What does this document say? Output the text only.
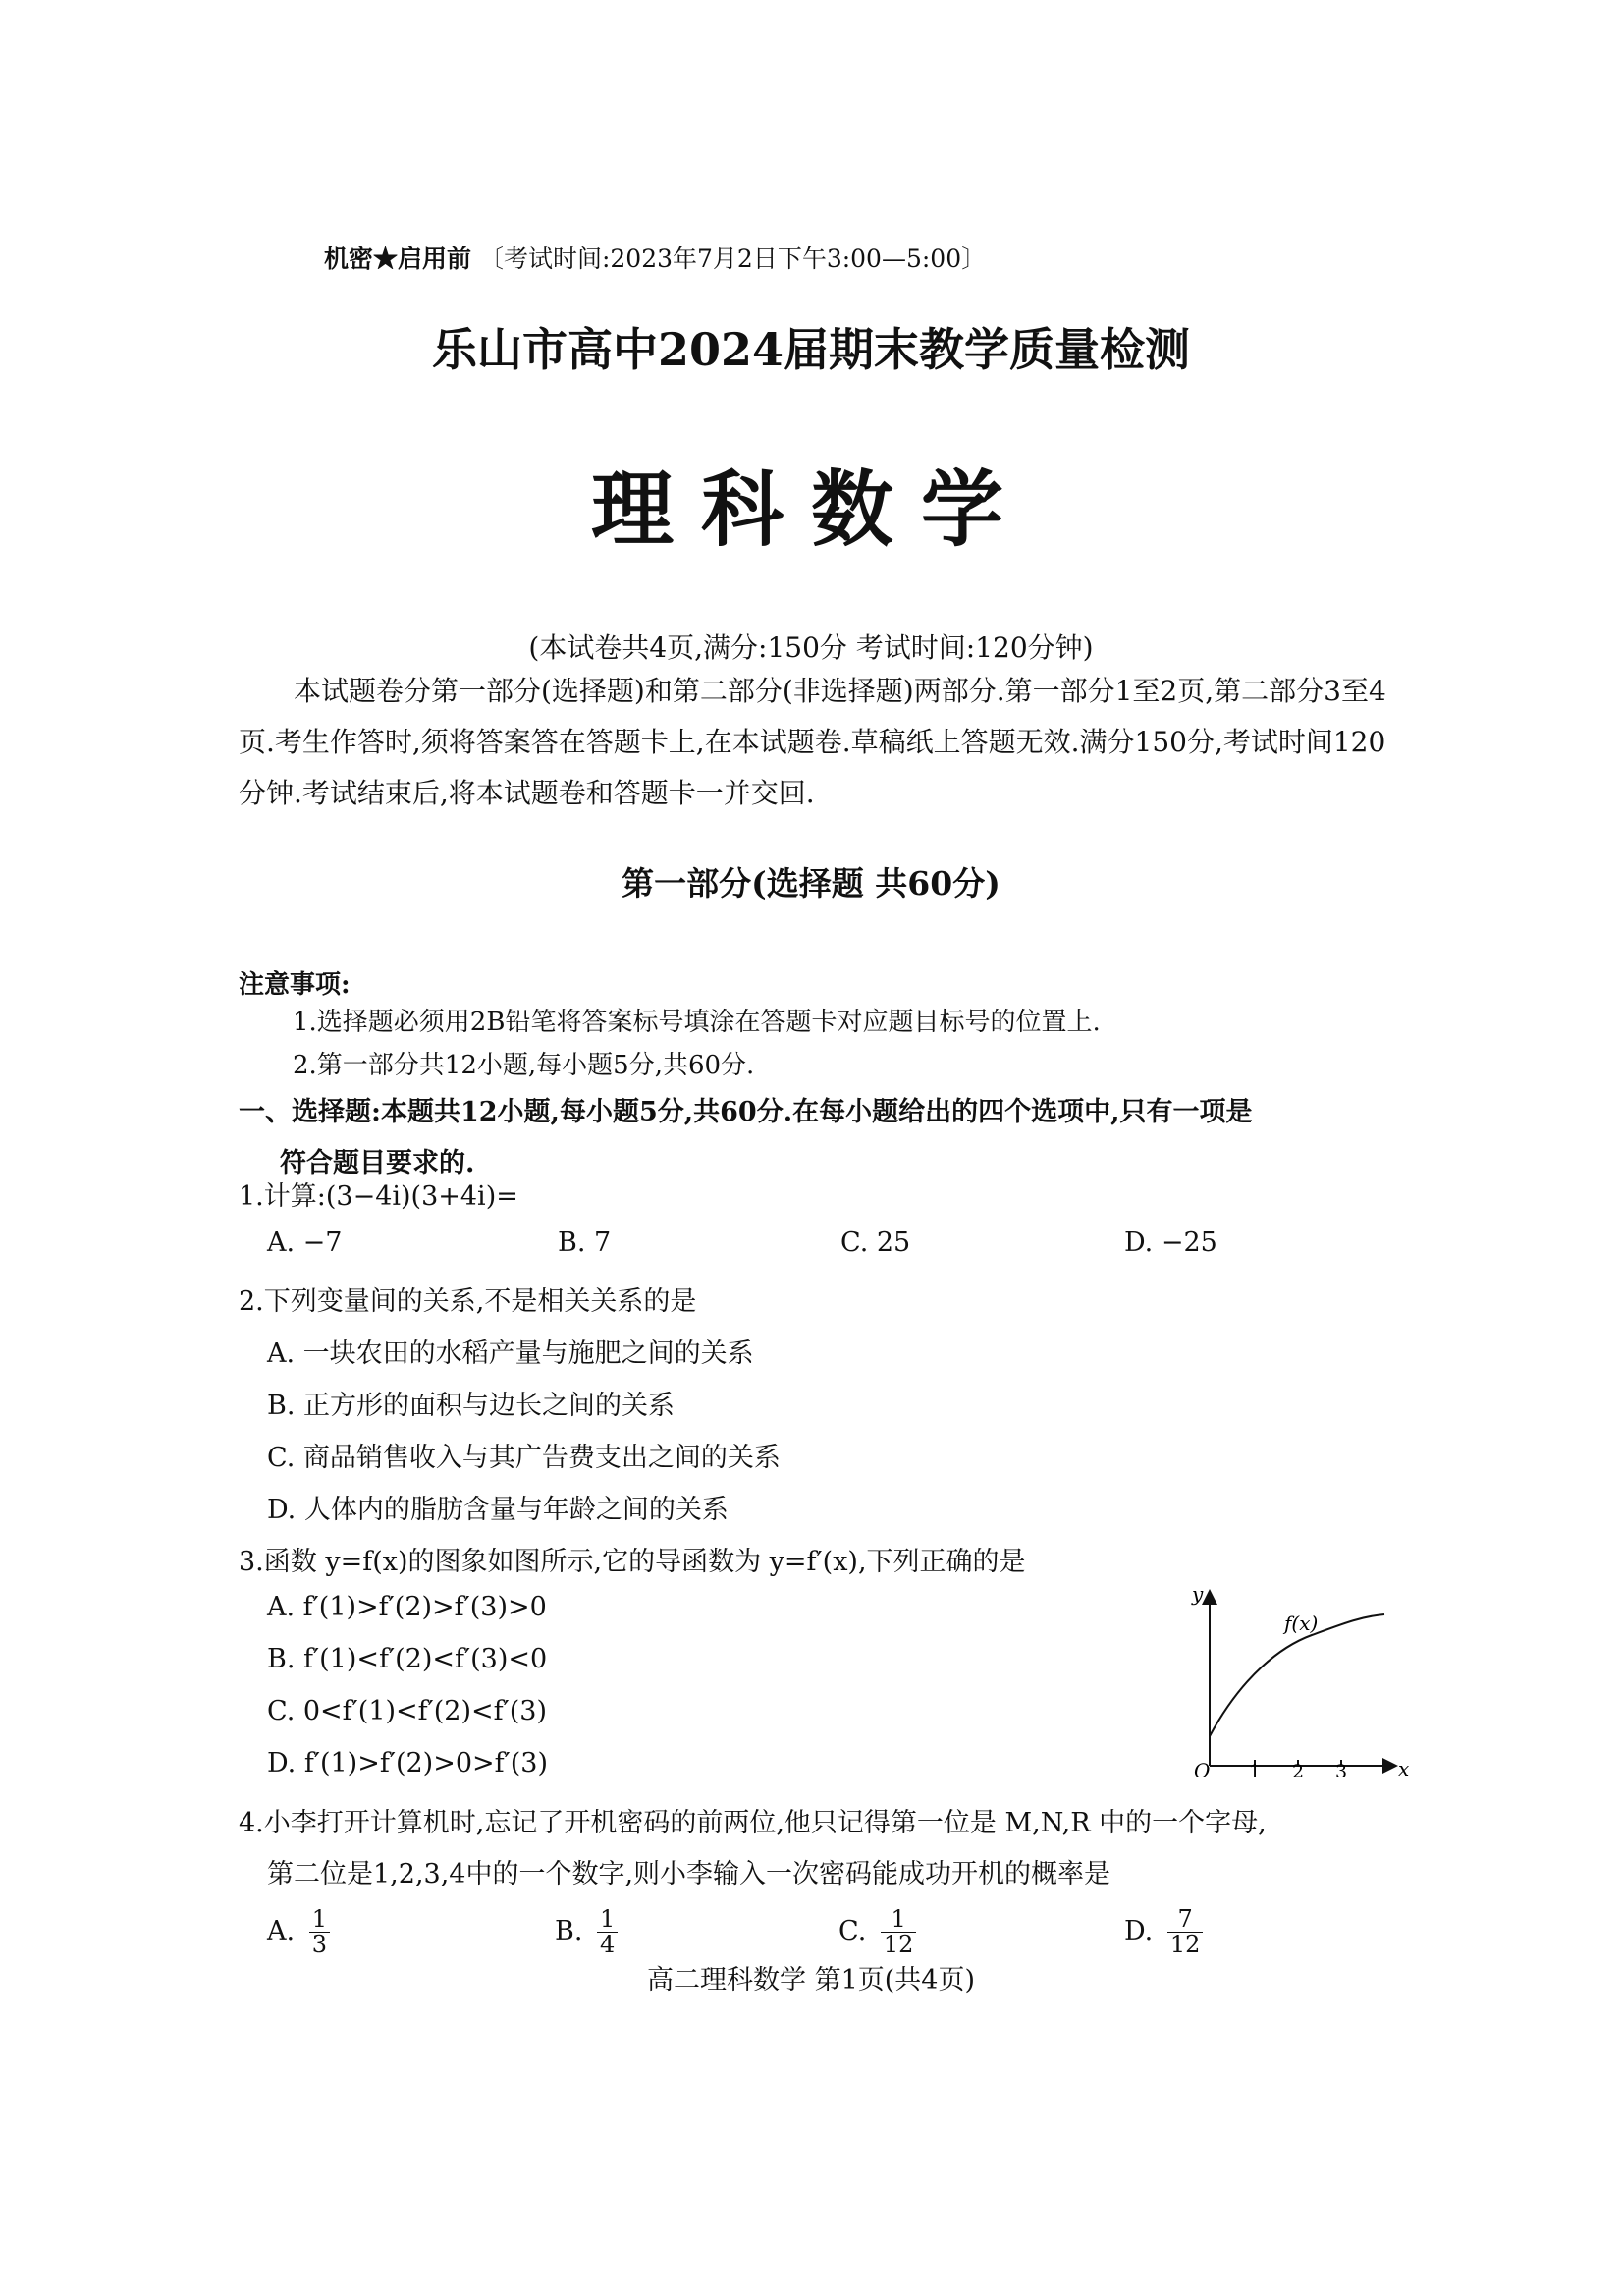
机密★启用前 〔考试时间:2023年7月2日下午3:00—5:00〕
乐山市高中2024届期末教学质量检测
理科数学
(本试卷共4页,满分:150分 考试时间:120分钟)
本试题卷分第一部分(选择题)和第二部分(非选择题)两部分.第一部分1至2页,第二部分3至4页.考生作答时,须将答案答在答题卡上,在本试题卷.草稿纸上答题无效.满分150分,考试时间120分钟.考试结束后,将本试题卷和答题卡一并交回.
第一部分(选择题 共60分)
注意事项:
1.选择题必须用2B铅笔将答案标号填涂在答题卡对应题目标号的位置上.
2.第一部分共12小题,每小题5分,共60分.
一、选择题:本题共12小题,每小题5分,共60分.在每小题给出的四个选项中,只有一项是
符合题目要求的.
1.计算:(3−4i)(3+4i)=
A. −7	B. 7	C. 25	D. −25
2.下列变量间的关系,不是相关关系的是
A. 一块农田的水稻产量与施肥之间的关系
B. 正方形的面积与边长之间的关系
C. 商品销售收入与其广告费支出之间的关系
D. 人体内的脂肪含量与年龄之间的关系
3.函数 y=f(x)的图象如图所示,它的导函数为 y=f′(x),下列正确的是
A. f′(1)>f′(2)>f′(3)>0
B. f′(1)<f′(2)<f′(3)<0
C. 0<f′(1)<f′(2)<f′(3)
D. f′(1)>f′(2)>0>f′(3)
y
x
O 1 2 3
f(x)
4.小李打开计算机时,忘记了开机密码的前两位,他只记得第一位是 M,N,R 中的一个字母,
第二位是1,2,3,4中的一个数字,则小李输入一次密码能成功开机的概率是
A. $\frac{1}{3}$	B. $\frac{1}{4}$	C. $\frac{1}{12}$	D. $\frac{7}{12}$
高二理科数学 第1页(共4页)
